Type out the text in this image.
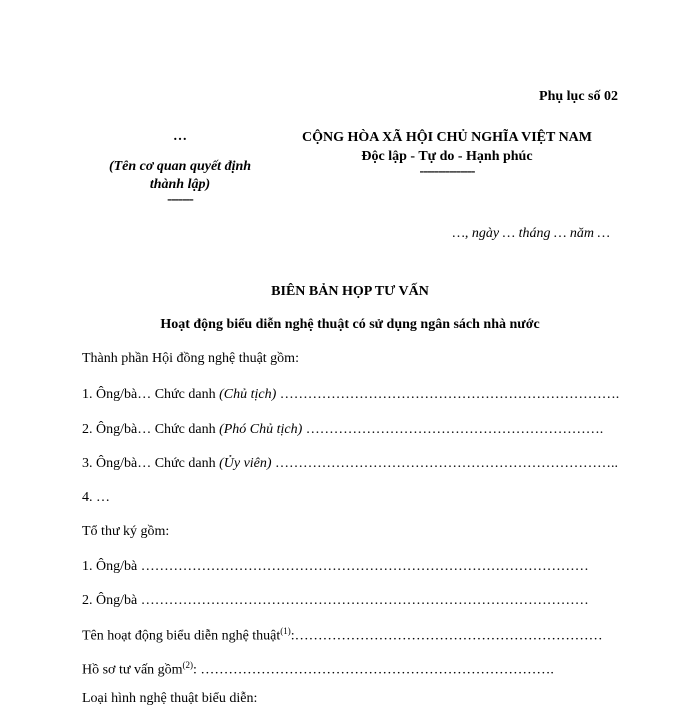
Phụ lục số 02
…
(Tên cơ quan quyết định
thành lập)
-------
CỘNG HÒA XÃ HỘI CHỦ NGHĨA VIỆT NAM
Độc lập - Tự do - Hạnh phúc
---------------
…, ngày … tháng … năm …
BIÊN BẢN HỌP TƯ VẤN
Hoạt động biểu diễn nghệ thuật có sử dụng ngân sách nhà nước
Thành phần Hội đồng nghệ thuật gồm:
1. Ông/bà… Chức danh (Chủ tịch) ……………………………………………………………….
2. Ông/bà… Chức danh (Phó Chủ tịch) ……………………………………………………….
3. Ông/bà… Chức danh (Ủy viên) ………………………………………………………………..
4. …
Tổ thư ký gồm:
1. Ông/bà ……………………………………………………………………………………
2. Ông/bà ……………………………………………………………………………………
Tên hoạt động biểu diễn nghệ thuật$^{(1)}$:…………………………………………………………
Hồ sơ tư vấn gồm$^{(2)}$: ………………………………………………………………….
Loại hình nghệ thuật biểu diễn:
